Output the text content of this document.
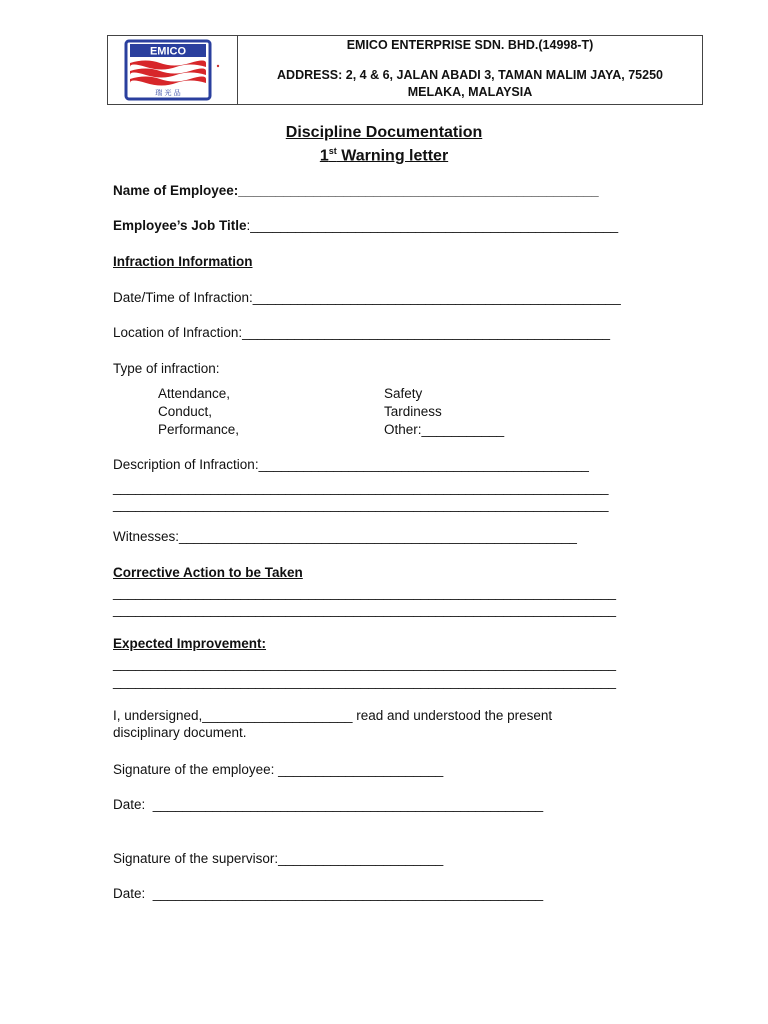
EMICO
瑞 光 品
EMICO ENTERPRISE SDN. BHD.(14998-T)
ADDRESS: 2, 4 & 6, JALAN ABADI 3, TAMAN MALIM JAYA, 75250
MELAKA, MALAYSIA
Discipline Documentation
1st Warning letter
Name of Employee:________________________________________________
Employee’s Job Title:_________________________________________________
Infraction Information
Date/Time of Infraction:_________________________________________________
Location of Infraction:_________________________________________________
Type of infraction:
Attendance,
Conduct,
Performance,
Safety
Tardiness
Other:___________
Description of Infraction:____________________________________________
__________________________________________________________________
__________________________________________________________________
Witnesses:_____________________________________________________
Corrective Action to be Taken
___________________________________________________________________
___________________________________________________________________
Expected Improvement:
___________________________________________________________________
___________________________________________________________________
I, undersigned,____________________ read and understood the present
disciplinary document.
Signature of the employee: ______________________
Date:  ____________________________________________________
Signature of the supervisor:______________________
Date:  ____________________________________________________
